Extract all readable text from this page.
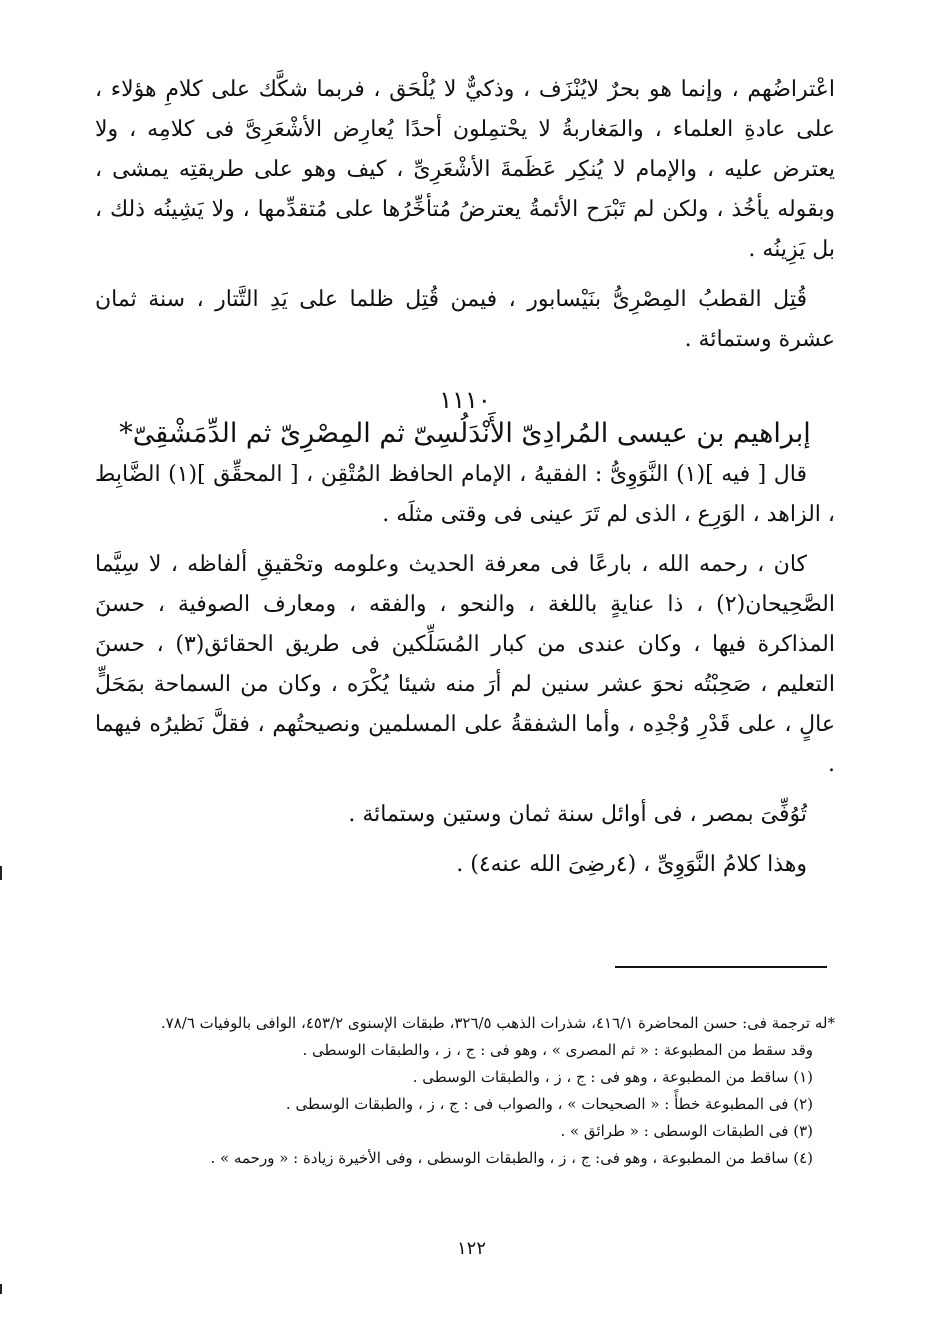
اعْتراضُهم ، وإنما هو بحرٌ لايُنْزَف ، وذكيٌّ لا يُلْحَق ، فربما شكَّك على كلامِ هؤلاء ، على عادةِ العلماء ، والمَغاربةُ لا يحْتمِلون أحدًا يُعارِض الأشْعَرِىَّ فى كلامِه ، ولا يعترض عليه ، والإمام لا يُنكِر عَظَمةَ الأشْعَرِىِّ ، كيف وهو على طريقتِه يمشى ، وبقوله يأخُذ ، ولكن لم تَبْرَح الأئمةُ يعترضُ مُتأخِّرُها على مُتقدِّمها ، ولا يَشِينُه ذلك ، بل يَزِينُه .

قُتِل القطبُ المِصْرِىُّ بنَيْسابور ، فيمن قُتِل ظلما على يَدِ التَّتار ، سنة ثمان عشرة وستمائة .

١١١٠
إبراهيم بن عيسى المُرادِىّ الأَنْدَلُسِىّ ثم المِصْرِىّ ثم الدِّمَشْقِىّ*

قال [ فيه ](١) النَّوَوِىُّ : الفقيهُ ، الإمام الحافظ المُتْقِن ، [ المحقِّق ](١) الضَّابِط ، الزاهد ، الوَرِع ، الذى لم تَرَ عينى فى وقتى مثلَه .

كان ، رحمه الله ، بارعًا فى معرفة الحديث وعلومه وتحْقيقِ ألفاظه ، لا سِيَّما الصَّحِيحان(٢) ، ذا عنايةٍ باللغة ، والنحو ، والفقه ، ومعارف الصوفية ، حسنَ المذاكرة فيها ، وكان عندى من كبار المُسَلِّكين فى طريق الحقائق(٣) ، حسنَ التعليم ، صَحِبْتُه نحوَ عشر سنين لم أرَ منه شيئا يُكْرَه ، وكان من السماحة بمَحَلٍّ عالٍ ، على قَدْرِ وُجْدِه ، وأما الشفقةُ على المسلمين ونصيحتُهم ، فقلَّ نَظيرُه فيهما .

تُوُفِّىَ بمصر ، فى أوائل سنة ثمان وستين وستمائة .

وهذا كلامُ النَّوَوِىِّ ، (٤رضِىَ الله عنه٤) .

*له ترجمة فى: حسن المحاضرة ٤١٦/١، شذرات الذهب ٣٢٦/٥، طبقات الإسنوى ٤٥٣/٢، الوافى بالوفيات ٧٨/٦.
وقد سقط من المطبوعة : « ثم المصرى » ، وهو فى : ج ، ز ، والطبقات الوسطى .
(١) ساقط من المطبوعة ، وهو فى : ج ، ز ، والطبقات الوسطى .
(٢) فى المطبوعة خطأً : « الصحيحات » ، والصواب فى : ج ، ز ، والطبقات الوسطى .
(٣) فى الطبقات الوسطى : « طرائق » .
(٤) ساقط من المطبوعة ، وهو فى: ج ، ز ، والطبقات الوسطى ، وفى الأخيرة زيادة : « ورحمه » .
١٢٢
